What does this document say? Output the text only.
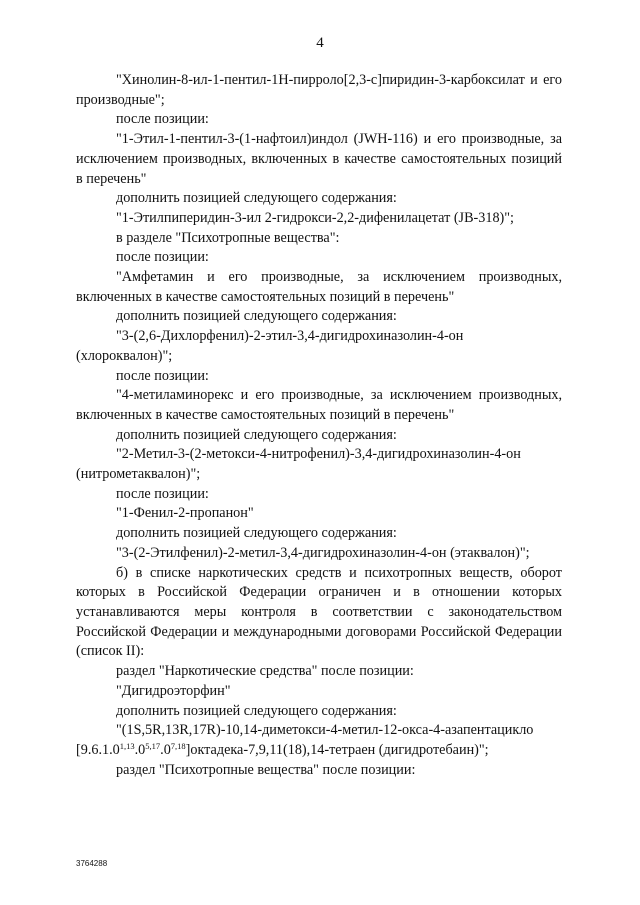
4

"Хинолин-8-ил-1-пентил-1Н-пирроло[2,3-с]пиридин-3-карбоксилат и его производные";

после позиции:

"1-Этил-1-пентил-3-(1-нафтоил)индол (JWH-116) и его производные, за исключением производных, включенных в качестве самостоятельных позиций в перечень"

дополнить позицией следующего содержания:

"1-Этилпиперидин-3-ил 2-гидрокси-2,2-дифенилацетат (JB-318)";

в разделе "Психотропные вещества":

после позиции:

"Амфетамин и его производные, за исключением производных, включенных в качестве самостоятельных позиций в перечень"

дополнить позицией следующего содержания:

"3-(2,6-Дихлорфенил)-2-этил-3,4-дигидрохиназолин-4-он (хлороквалон)";

после позиции:

"4-метиламинорекс и его производные, за исключением производных, включенных в качестве самостоятельных позиций в перечень"

дополнить позицией следующего содержания:

"2-Метил-3-(2-метокси-4-нитрофенил)-3,4-дигидрохиназолин-4-он (нитрометаквалон)";

после позиции:

"1-Фенил-2-пропанон"

дополнить позицией следующего содержания:

"3-(2-Этилфенил)-2-метил-3,4-дигидрохиназолин-4-он (этаквалон)";

б) в списке наркотических средств и психотропных веществ, оборот которых в Российской Федерации ограничен и в отношении которых устанавливаются меры контроля в соответствии с законодательством Российской Федерации и международными договорами Российской Федерации (список II):

раздел "Наркотические средства" после позиции:

"Дигидроэторфин"

дополнить позицией следующего содержания:

"(1S,5R,13R,17R)-10,14-диметокси-4-метил-12-окса-4-азапентацикло
[9.6.1.0$^{1,13}$.0$^{5,17}$.0$^{7,18}$]октадека-7,9,11(18),14-тетраен (дигидротебаин)";

раздел "Психотропные вещества" после позиции:

3764288
